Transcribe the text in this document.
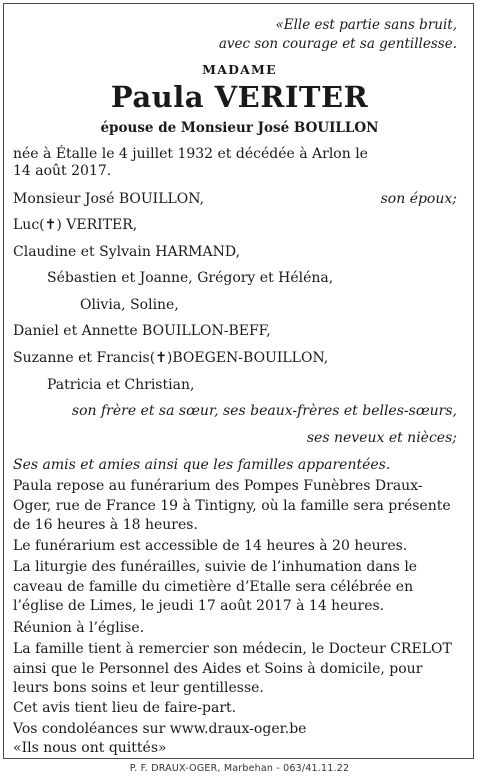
«Elle est partie sans bruit,
avec son courage et sa gentillesse.
MADAME
Paula VERITER
épouse de Monsieur José BOUILLON
née à Étalle le 4 juillet 1932 et décédée à Arlon le
14 août 2017.
Monsieur José BOUILLON,	son époux;
Luc(✝) VERITER,
Claudine et Sylvain HARMAND,
Sébastien et Joanne, Grégory et Héléna,
Olivia, Soline,
Daniel et Annette BOUILLON-BEFF,
Suzanne et Francis(✝)BOEGEN-BOUILLON,
Patricia et Christian,
son frère et sa sœur, ses beaux-frères et belles-sœurs,
ses neveux et nièces;
Ses amis et amies ainsi que les familles apparentées.
Paula repose au funérarium des Pompes Funèbres Draux-Oger, rue de France 19 à Tintigny, où la famille sera présente de 16 heures à 18 heures.
Le funérarium est accessible de 14 heures à 20 heures.
La liturgie des funérailles, suivie de l’inhumation dans le caveau de famille du cimetière d’Etalle sera célébrée en l’église de Limes, le jeudi 17 août 2017 à 14 heures.
Réunion à l’église.
La famille tient à remercier son médecin, le Docteur CRELOT ainsi que le Personnel des Aides et Soins à domicile, pour leurs bons soins et leur gentillesse.
Cet avis tient lieu de faire-part.
Vos condoléances sur www.draux-oger.be
«Ils nous ont quittés»
P. F. DRAUX-OGER, Marbehan - 063/41.11.22
